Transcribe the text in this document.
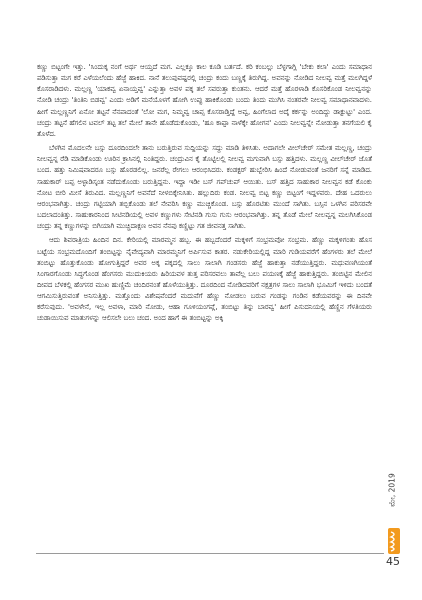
ಕಣ್ಣು ಬಿಟ್ಟಂಗೇ ಇತ್ತು. 'ಸಿಂದುಕ್ಕ ನಂಗೆ ಅರ್ಥ ಆಯ್ತದೆ ಮಗ. ಎಲ್ಲಕ್ಕೂ ಕಾಲ ಕೂಡಿ ಬರ್ತದೆ. ಕರಿ ಕಂಬಲ್ಲು ಬೆಳ್ಳಗಾಗ್ಲಿ 'ಬೇಕು ಕಲಾ' ಎಂದು ಸಮಾಧಾನ ಪಡಿಸುತ್ತಾ ಮಗ ಕರೆ ಎಳೆಯಲೆಂದು ಹೆಜ್ಜೆ ಹಾಕಿದ. ನಾನೆ ತಲುಪುವಷ್ಟರಲ್ಲಿ ಚಂದ್ರು ಕಂದು ಬಣ್ಣಕ್ಕೆ ತಿರುಗಿದ್ದ. ಅವನನ್ನು ನೋಡಿದ ನೀಲವ್ವ ಮತ್ತೆ ಮಲಗಿದ್ದಳೆ ಕೊಸರಾಡಿದಳು. ಮಲ್ಲಣ್ಣ 'ಯಾಕವ್ವ ಏನಾಯ್ತವ್ವ' ಎನ್ನುತ್ತಾ ಅವಳ ಪಕ್ಕ ತಲೆ ಸವರುತ್ತಾ ಕುಂತನು. ಆದರೆ ಮತ್ತೆ ಹೊರಳಾಡಿ ಕೊಸರಿಕೊಂಡ ನೀಲವ್ವನನ್ನು ನೋಡಿ ಚಂದ್ರು 'ತಿಂತಿನಿ ಬಿಡವ್ವ' ಎಂದು ಅಡಿಗೆ ಮನೆಯೊಳಗೆ ಹೋಗಿ ಉಪ್ಪು ಹಾಕಿಕೊಂಡು ಬಂದು ತಿಂದು ಮುಗಿಸಿ ನಂತರವೇ ನೀಲವ್ವ ಸಮಾಧಾನವಾದಳು. ಹೀಗೆ ಮಲ್ಲಣ್ಣನಿಗೆ ಏನೋ ತಟ್ಟನೆ ನೆನಪಾದಂತೆ 'ಲೋ ಮಗ, ನಿಮ್ಮವ್ವ ಚಾಪ್ಸ ಕೊಸರಾಡ್ತಿದ್ದೆ ಅವ್ವ, ಹಿಂಗೆಲಾದ ಅದ್ಕೆ ಕರ್ಕನ್ನು ಅಂದಿದ್ದು ಡಾಕ್ಟುಟ್ಟು' ಎಂದ. ಚಂದ್ರು ತಟ್ಟನೆ ಹೆಗಲಿನ ಟವಲ್ ತಟ್ಟ ತಲೆ ಮೇಲೆ ತಾನೇ ಹೊಡೆದುಕೊಂಡು, 'ಹೂ ಕಾಪ್ಪಾ ನಾಳೆಕ್ಕೇ ಹೋಗನ' ಎಂದು ನೀಲವ್ವನ್ನೇ ನೋಡುತ್ತಾ ತನಗೆಯಲಿ ಕೈ ತೊಳೆದ.

ಬೆಳಗಿನ ಮೊದಲನೇ ಬಸ್ಸು ದೂರದಿಂದಲೇ ತಾನು ಬರುತ್ತಿರುವ ಸುದ್ದಿಯನ್ನು ಸದ್ದು ಮಾಡಿ ತಿಳಿಸಿತು. ಅದಾಗಲೇ ವೀಲ್‍ಚೇರ್ ಸಮೇತ ಮಲ್ಲಣ್ಣ, ಚಂದ್ರು ನೀಲವ್ವನ್ನ ರೆಡಿ ಮಾಡಿಕೊಂಡು ಊರಿನ ಕ್ರಾಸಿನಲ್ಲಿ ನಿಂತಿದ್ದರು. ಚಂದ್ರುವಿನ ಕೈ ತೊಟ್ಟಿಲಲ್ಲಿ ನೀಲವ್ವ ಮಗುವಾಗಿ ಬಸ್ಸು ಹತ್ತಿದಳು. ಮಲ್ಲಣ್ಣ ವೀಲ್‍ಚೇರ್ ಜೊತೆ ಬಂದ. ಹತ್ತು ನಿಮಿಷವಾದರೂ ಬಸ್ಸು ಹೊರಡಲಿಲ್ಲ. ಜನರೆಲ್ಲ ರೇಗಲು ಆರಂಭಿಸಿದರು. ಕಂಡಕ್ಟರ್ ಹುಬ್ಬೇರಿಸಿ ಹಿಂದೆ ನೋಡುವಂತೆ ಜನರಿಗೆ ಸನ್ನೆ ಮಾಡಿದ. ಸಾಹುಕಾರ್ ಬಪ್ಪ ಅಳ್ಳಾಡಿಸ್ಕಂತ ನಡೆದುಕೊಂಡು ಬರುತ್ತಿದ್ದನು. ಇದ್ದಾ ಇಡೀ ಬಸ್ ಗಪ್‍ಚುಪ್ ಆಯಿತು. ಬಸ್ ಹತ್ತಿದ ಸಾಹುಕಾರ ನೀಲವ್ವನ ಕಡೆ ಕೊಂಕು ನೋಟ ಬೀರಿ ಮೀಸೆ ತಿರುವಿದ. ಮಲ್ಲಣ್ಣನಿಗೆ ಅವನೆದೆ ನೀಳಬಿಕ್ಕೇನಿಸಿತು. ಹಲ್ಲುದಿರು ಕಂಡ. ನೀಲವ್ವ ಬಿಟ್ಟ ಕಣ್ಣು ಬಿಟ್ಟಂಗೆ ಇದ್ದಳವರು. ದೇಹ ಒದರುಲು ಆರಂಭವಾಗಿತ್ತು. ಚಂದ್ರು ಗಟ್ಟಿಯಾಗಿ ತಬ್ಬಿಕೊಂಡು ತಲೆ ನೇವರಿಸಿ ಕಣ್ಣು ಮುಚ್ಚಿಕೊಂಡ. ಬಸ್ಸು ಹೊರಟಿತು ಮುಂದೆ ಸಾಗಿತು. ಬಸ್ಸಿನ ಒಳಗಿನ ಪರಿಸರವೇ ಬದಲಾದಂತಿತ್ತು. ಸಾಹುಕಾರನಿಂದ ಸೀಟಿನಡಿಯಲ್ಲಿ ಅವಳ ಕಣ್ಣುಗಳು ಸೇಟಿನಡಿ ಗುಸು ಗುಸು ಆರಂಭವಾಗಿತ್ತು. ತನ್ನ ತೊಡೆ ಮೇಲೆ ನೀಲವ್ವನ್ನ ಮಲಗಿಸಿಕೊಂಡ ಚಂದ್ರು ತನ್ನ ಕಣ್ಣುಗಳನ್ನು ಬಿಗಿಯಾಗಿ ಮುಚ್ಚಿದಾಕ್ಷಣ ಅವನ ನೆನಪು ಕಣ್ಣಿಟ್ಟು ಗತ ಜೀವನತ್ತ ಸಾಗಿತು.

ಆದು ಶಿವರಾತ್ರಿಯ ಹಿಂದಿನ ದಿನ. ಕೇರಿಯಲ್ಲಿ ಮಾರಮ್ಮನ ಹಬ್ಬ. ಈ ಹಬ್ಬದೆಂದರೆ ಮಕ್ಕಳಿಗೆ ಸಂಭ್ರಮವೋ ಸಂಭ್ರಮ. ಹೆಣ್ಣು ಮಕ್ಕಳಿಗಂತು ಹೊಸ ಬಟ್ಟೆಯ ಸಂಭ್ರಮದೊಂದಿಗೆ ತಂಬಿಟ್ಟನ್ನು ನೈವೇದ್ಯವಾಗಿ ಮಾರಮ್ಮನಿಗೆ ಅರ್ಪಿಸುವ ಕಾತರ. ನಡುಕೇರಿಯಲ್ಲಿದ್ದ ಮಾರಿ ಗುಡಿಯವರೆಗೆ ಹೆಂಗಳರು ತಲೆ ಮೇಲೆ ತಂಬಿಟ್ಟು ಹೊತ್ತುಕೊಂಡು ಹೋಗುತ್ತಿದ್ದರೆ ಅವರ ಅಕ್ಕ ಪಕ್ಕದಲ್ಲಿ ಸಾಲು ಸಾಲಾಗಿ ಗಂಡಸರು ಹೆಜ್ಜೆ ಹಾಕುತ್ತಾ ನಡೆಯುತ್ತಿದ್ದರು. ಮಧುವಣಗಿಯಂತೆ ಸಿಂಗಾರಗೊಂಡು ಸಿದ್ಧಗೊಂಡ ಹೆಂಗಸರು ಮುದುಕಿಯರು ಹಿರಿಯವಳ ತುತ್ತ ಪರಿಸರವಲು ತಾವೆಲ್ಲ ಬಲು ಪಯಣಕ್ಕೆ ಹೆಜ್ಜೆ ಹಾಕುತ್ತಿದ್ದರು. ತಂಬಿಟ್ಟಿನ ಮೇಲಿನ ದೀಪದ ಬೆಳಕಲ್ಲಿ ಹೆಂಗಸರ ಮುಖ ಹುಣ್ಣಿಮೆ ಚಂದಿರನಂತೆ ಹೊಳೆಯುತ್ತಿತ್ತು. ದೂರದಿಂದ ನೋಡಿದವರಿಗೆ ನಕ್ಷತ್ರಗಳ ಸಾಲು ಸಾಲಾಗಿ ಭೂಮಿಗೆ ಇಳಿದು ಬಂದತೆ ಆಗಮಿಸುತ್ತಿರುವಂತೆ ಅನಿಸುತ್ತಿತ್ತು. ಮತ್ತೊಂದು ವಿಶೇಷವೆಂದರೆ ಮದುವೆಗೆ ಹೆಣ್ಣು ನೋಡಲು ಬರುವ ಗಂಡನ್ನು ಗಂಡಿನ ಕಡೆಯವರನ್ನು ಈ ದಿನವೇ ಕರೆಸುವುದು. 'ಅವಳೇನೆ, ಇಲ್ಲ ಅವಳಾ, ಮಾರಿ ನೋಡು, ಆಹಾ ಗೂಳಿಯಂಗವ್ಲೆ, ತಂಬಿಟ್ಟು ತಿನ್ನು ಬಾರವ್ವ' ಹೀಗೆ ಪಿಸುದನಿಯಲ್ಲಿ ಹೆಣ್ಣಿನ ಗೆಳತಿಯರು ಚುಡಾಯಿಸುವ ಮಾತುಗಳನ್ನು ಆಲಿಸಲೇ ಬಲು ಚಂದ. ಅಂದ ಹಾಗೆ ಈ ತಂಬಿಟ್ಟನ್ನು ಅಕ್ಕಿ

ಮೇ, 2019
45
